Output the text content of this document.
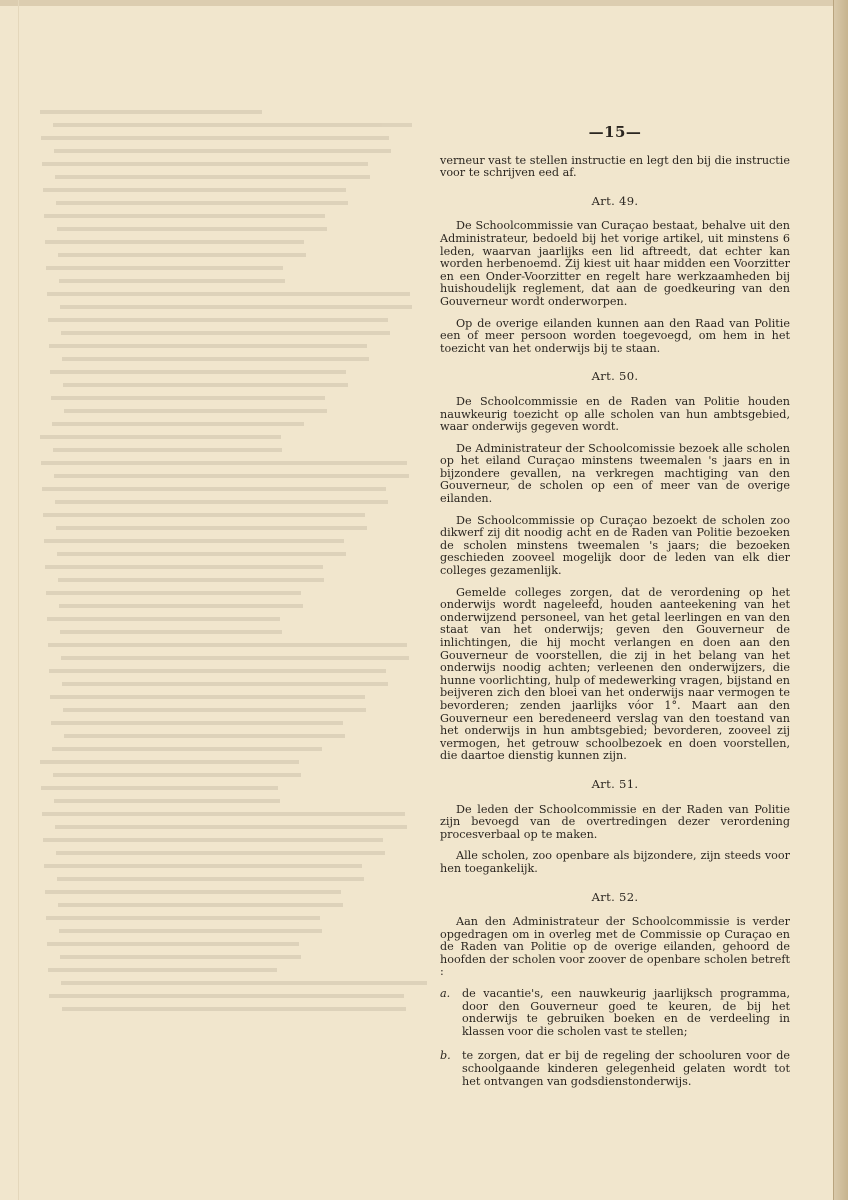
—15—

verneur vast te stellen instructie en legt den bij die instructie voor te schrijven eed af.

Art. 49.

De Schoolcommissie van Curaçao bestaat, behalve uit den Administrateur, bedoeld bij het vorige artikel, uit minstens 6 leden, waarvan jaarlijks een lid aftreedt, dat echter kan worden herbenoemd. Zij kiest uit haar midden een Voorzitter en een Onder-Voorzitter en regelt hare werkzaamheden bij huishoudelijk reglement, dat aan de goedkeuring van den Gouverneur wordt onderworpen.

Op de overige eilanden kunnen aan den Raad van Politie een of meer persoon worden toegevoegd, om hem in het toezicht van het onderwijs bij te staan.

Art. 50.

De Schoolcommissie en de Raden van Politie houden nauwkeurig toezicht op alle scholen van hun ambtsgebied, waar onderwijs gegeven wordt.

De Administrateur der Schoolcomissie bezoek alle scholen op het eiland Curaçao minstens tweemalen 's jaars en in bijzondere gevallen, na verkregen machtiging van den Gouverneur, de scholen op een of meer van de overige eilanden.

De Schoolcommissie op Curaçao bezoekt de scholen zoo dikwerf zij dit noodig acht en de Raden van Politie bezoeken de scholen minstens tweemalen 's jaars; die bezoeken geschieden zooveel mogelijk door de leden van elk dier colleges gezamenlijk.

Gemelde colleges zorgen, dat de verordening op het onderwijs wordt nageleefd, houden aanteekening van het onderwijzend personeel, van het getal leerlingen en van den staat van het onderwijs; geven den Gouverneur de inlichtingen, die hij mocht verlangen en doen aan den Gouverneur de voorstellen, die zij in het belang van het onderwijs noodig achten; verleenen den onderwijzers, die hunne voorlichting, hulp of medewerking vragen, bijstand en beijveren zich den bloei van het onderwijs naar vermogen te bevorderen; zenden jaarlijks vóor 1°. Maart aan den Gouverneur een beredeneerd verslag van den toestand van het onderwijs in hun ambtsgebied; bevorderen, zooveel zij vermogen, het getrouw schoolbezoek en doen voorstellen, die daartoe dienstig kunnen zijn.

Art. 51.

De leden der Schoolcommissie en der Raden van Politie zijn bevoegd van de overtredingen dezer verordening procesverbaal op te maken.

Alle scholen, zoo openbare als bijzondere, zijn steeds voor hen toegankelijk.

Art. 52.

Aan den Administrateur der Schoolcommissie is verder opgedragen om in overleg met de Commissie op Curaçao en de Raden van Politie op de overige eilanden, gehoord de hoofden der scholen voor zoover de openbare scholen betreft :

a.	de vacantie's, een nauwkeurig jaarlijksch programma, door den Gouverneur goed te keuren, de bij het onderwijs te gebruiken boeken en de verdeeling in klassen voor die scholen vast te stellen;
b.	te zorgen, dat er bij de regeling der schooluren voor de schoolgaande kinderen gelegenheid gelaten wordt tot het ontvangen van godsdienstonderwijs.
